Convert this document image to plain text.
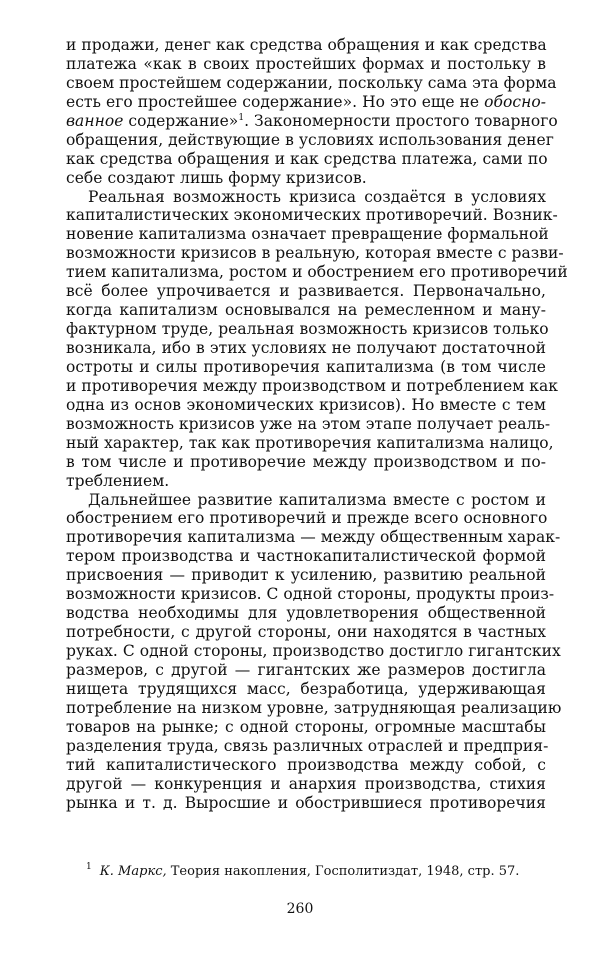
и продажи, денег как средства обращения и как средства
платежа «как в своих простейших формах и постольку в
своем простейшем содержании, поскольку сама эта форма
есть его простейшее содержание». Но это еще не обосно-
ванное содержание»$^1$. Закономерности простого товарного
обращения, действующие в условиях использования денег
как средства обращения и как средства платежа, сами по
себе создают лишь форму кризисов.
Реальная возможность кризиса создаётся в условиях
капиталистических экономических противоречий. Возник-
новение капитализма означает превращение формальной
возможности кризисов в реальную, которая вместе с разви-
тием капитализма, ростом и обострением его противоречий
всё более упрочивается и развивается. Первоначально,
когда капитализм основывался на ремесленном и ману-
фактурном труде, реальная возможность кризисов только
возникала, ибо в этих условиях не получают достаточной
остроты и силы противоречия капитализма (в том числе
и противоречия между производством и потреблением как
одна из основ экономических кризисов). Но вместе с тем
возможность кризисов уже на этом этапе получает реаль-
ный характер, так как противоречия капитализма налицо,
в том числе и противоречие между производством и по-
треблением.
Дальнейшее развитие капитализма вместе с ростом и
обострением его противоречий и прежде всего основного
противоречия капитализма — между общественным харак-
тером производства и частнокапиталистической формой
присвоения — приводит к усилению, развитию реальной
возможности кризисов. С одной стороны, продукты произ-
водства необходимы для удовлетворения общественной
потребности, с другой стороны, они находятся в частных
руках. С одной стороны, производство достигло гигантских
размеров, с другой — гигантских же размеров достигла
нищета трудящихся масс, безработица, удерживающая
потребление на низком уровне, затрудняющая реализацию
товаров на рынке; с одной стороны, огромные масштабы
разделения труда, связь различных отраслей и предприя-
тий капиталистического производства между собой, с
другой — конкуренция и анархия производства, стихия
рынка и т. д. Выросшие и обострившиеся противоречия
$^1$ К. Маркс, Теория накопления, Госполитиздат, 1948, стр. 57.
260
